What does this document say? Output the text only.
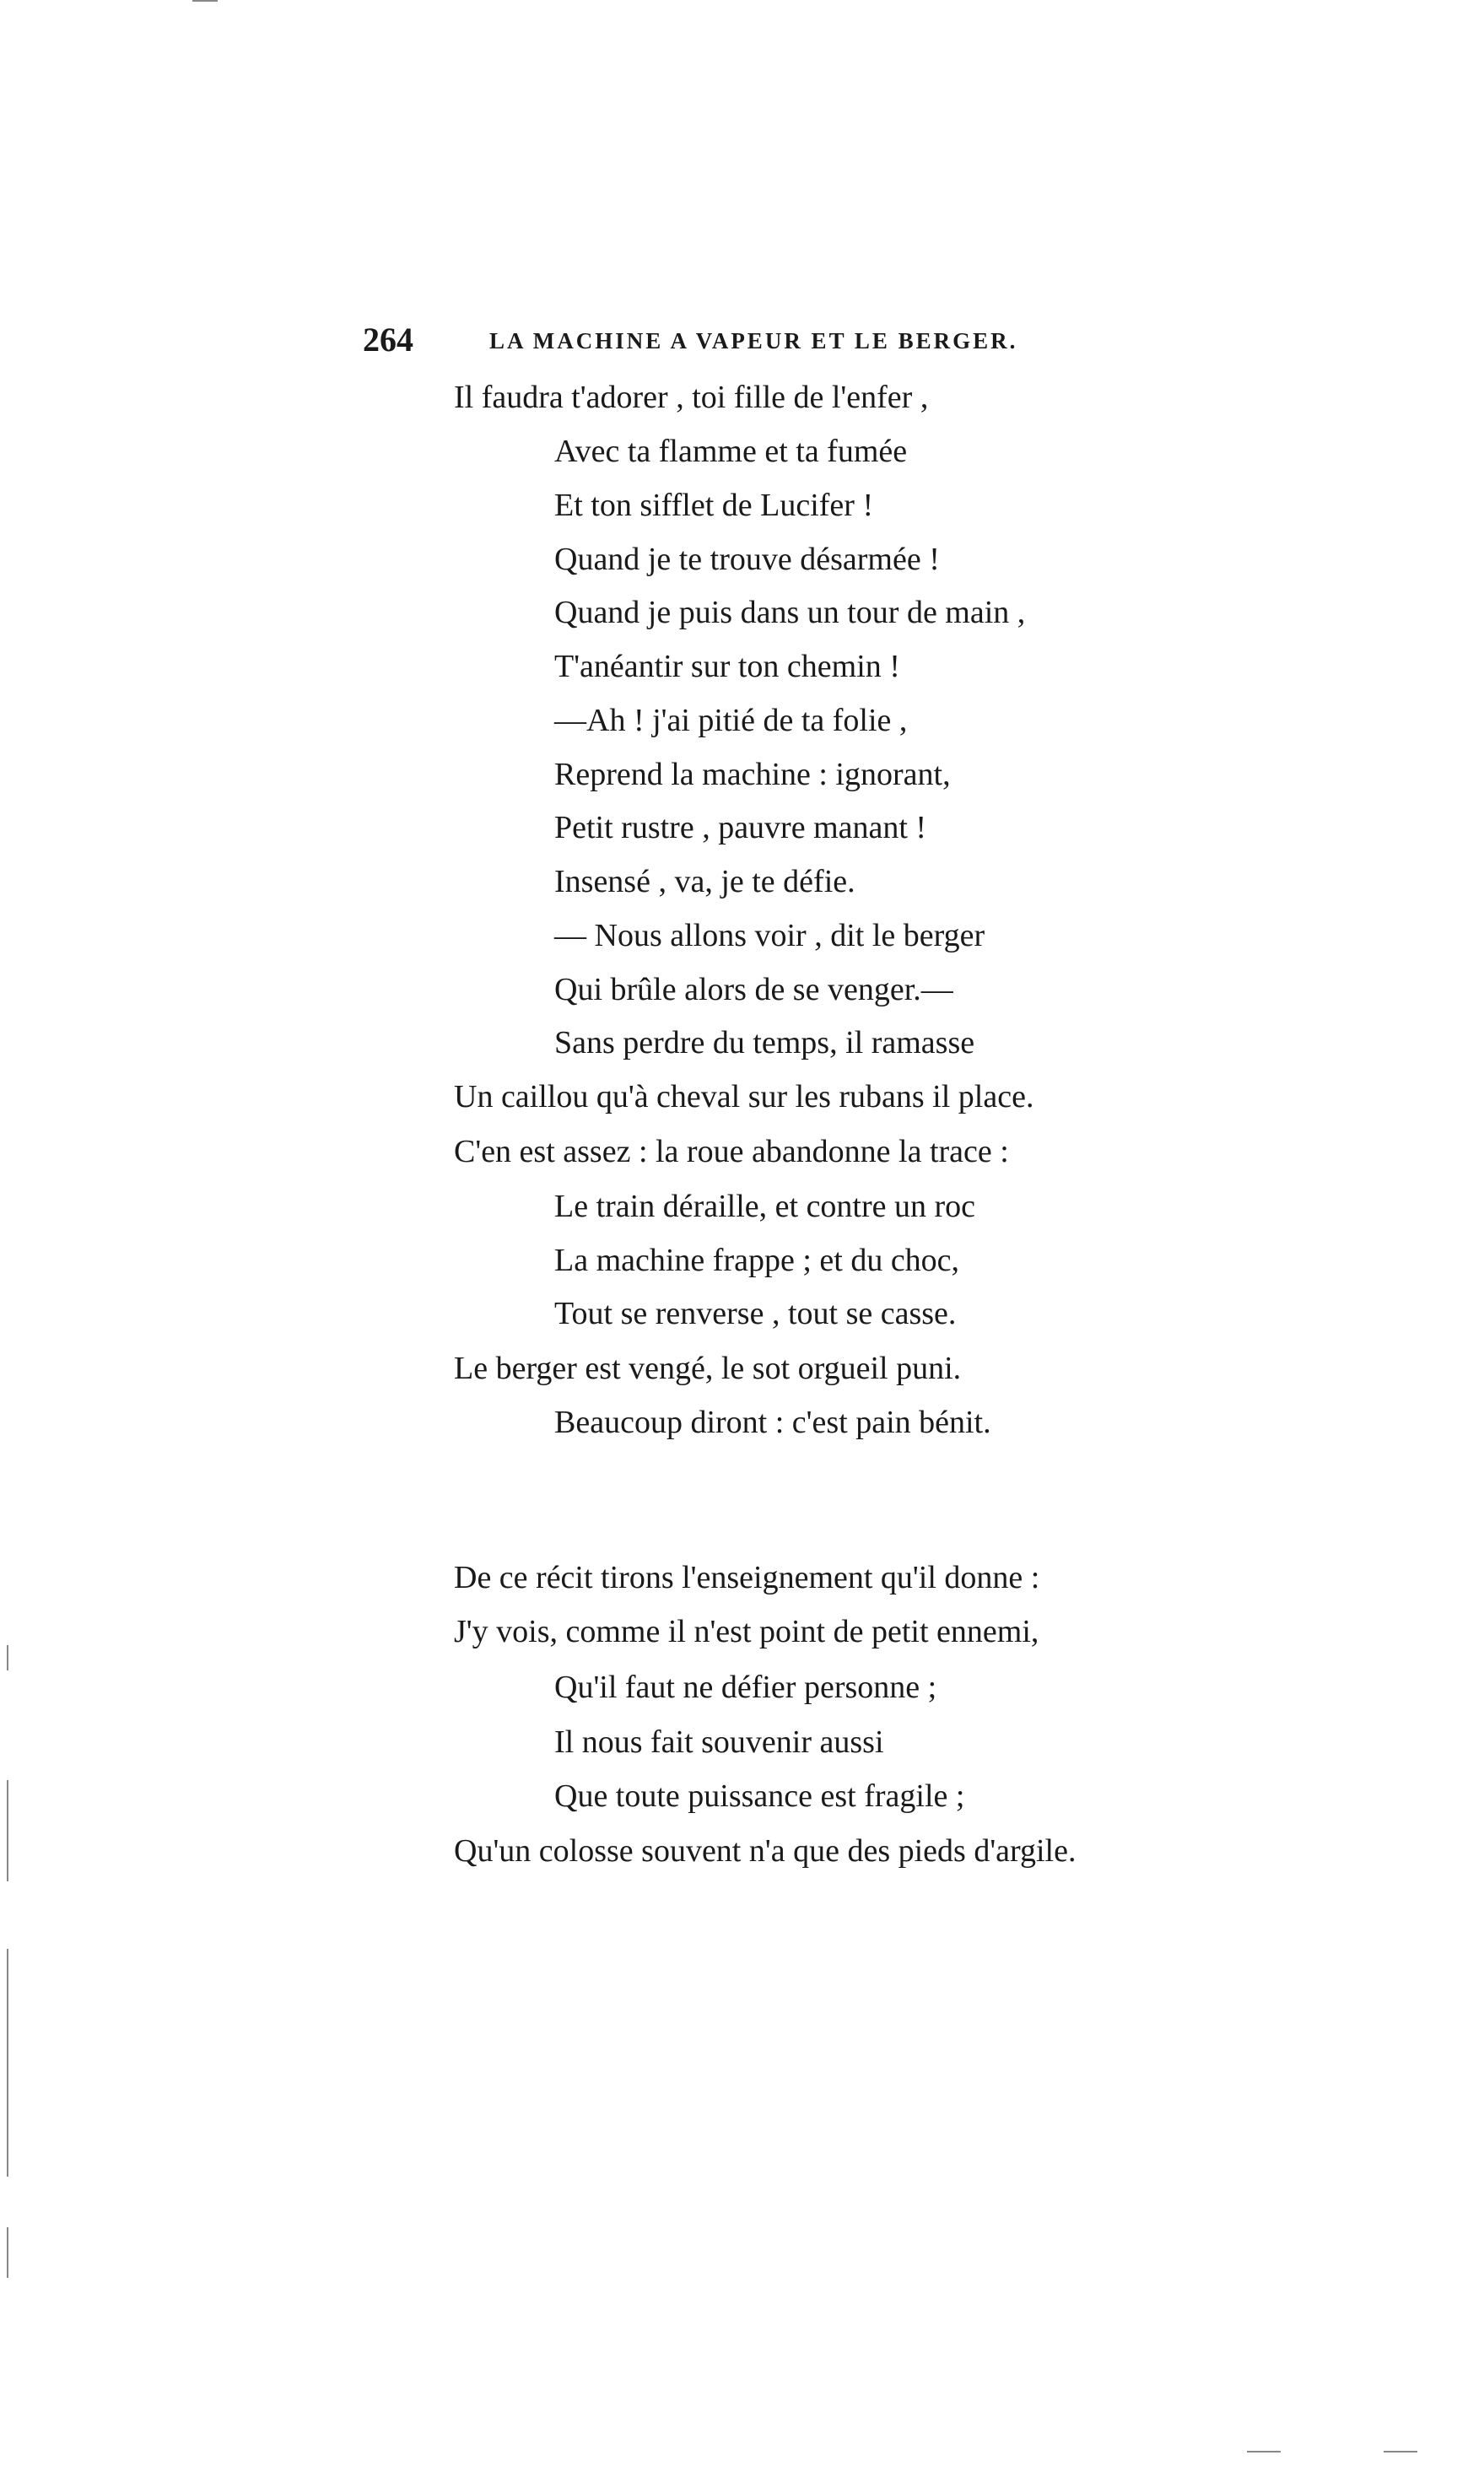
264	LA MACHINE A VAPEUR ET LE BERGER.
Il faudra t'adorer , toi fille de l'enfer ,
Avec ta flamme et ta fumée
Et ton sifflet de Lucifer !
Quand je te trouve désarmée !
Quand je puis dans un tour de main ,
T'anéantir sur ton chemin !
—Ah ! j'ai pitié de ta folie ,
Reprend la machine : ignorant,
Petit rustre , pauvre manant !
Insensé , va, je te défie.
— Nous allons voir , dit le berger
Qui brûle alors de se venger.—
Sans perdre du temps, il ramasse
Un caillou qu'à cheval sur les rubans il place.
C'en est assez : la roue abandonne la trace :
Le train déraille, et contre un roc
La machine frappe ; et du choc,
Tout se renverse , tout se casse.
Le berger est vengé, le sot orgueil puni.
Beaucoup diront : c'est pain bénit.
De ce récit tirons l'enseignement qu'il donne :
J'y vois, comme il n'est point de petit ennemi,
Qu'il faut ne défier personne ;
Il nous fait souvenir aussi
Que toute puissance est fragile ;
Qu'un colosse souvent n'a que des pieds d'argile.
